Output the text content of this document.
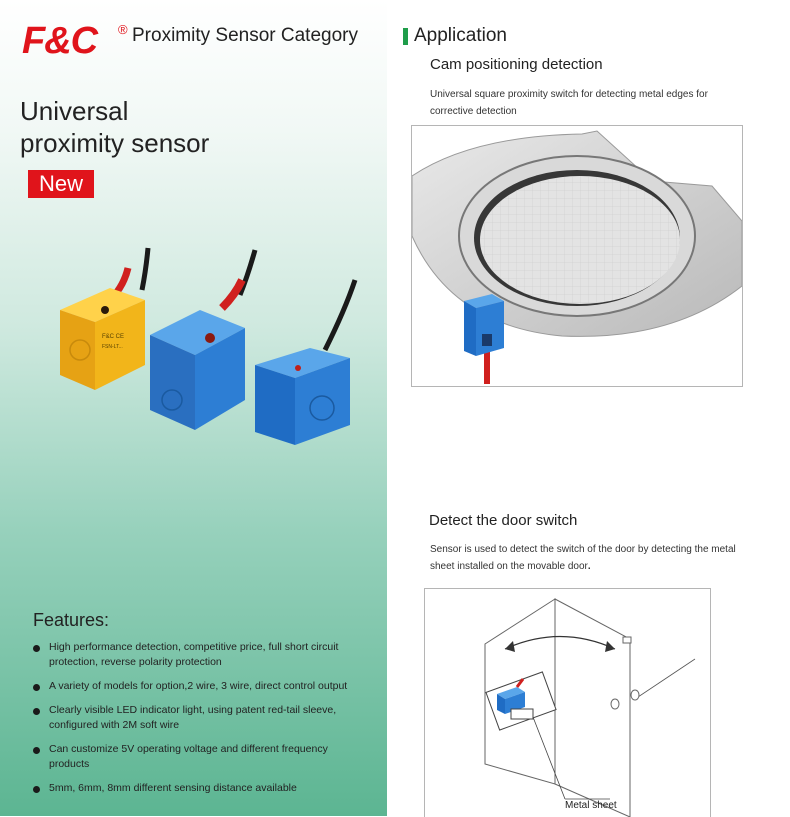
F&C ® Proximity Sensor Category
Universal
proximity sensor
New
F&C CE
FSN-LT...
Features:
High performance detection, competitive price, full short circuit protection, reverse polarity protection
A variety of models for option,2 wire, 3 wire, direct control output
Clearly visible LED indicator light, using patent red-tail sleeve, configured with 2M soft wire
Can customize 5V operating voltage and different frequency products
5mm, 6mm, 8mm different sensing distance available
Application
Cam positioning detection
Universal square proximity switch for detecting metal edges for
corrective detection
Detect the door switch
Sensor is used to detect the switch of the door by detecting the metal
sheet installed on the movable door.
Metal sheet
